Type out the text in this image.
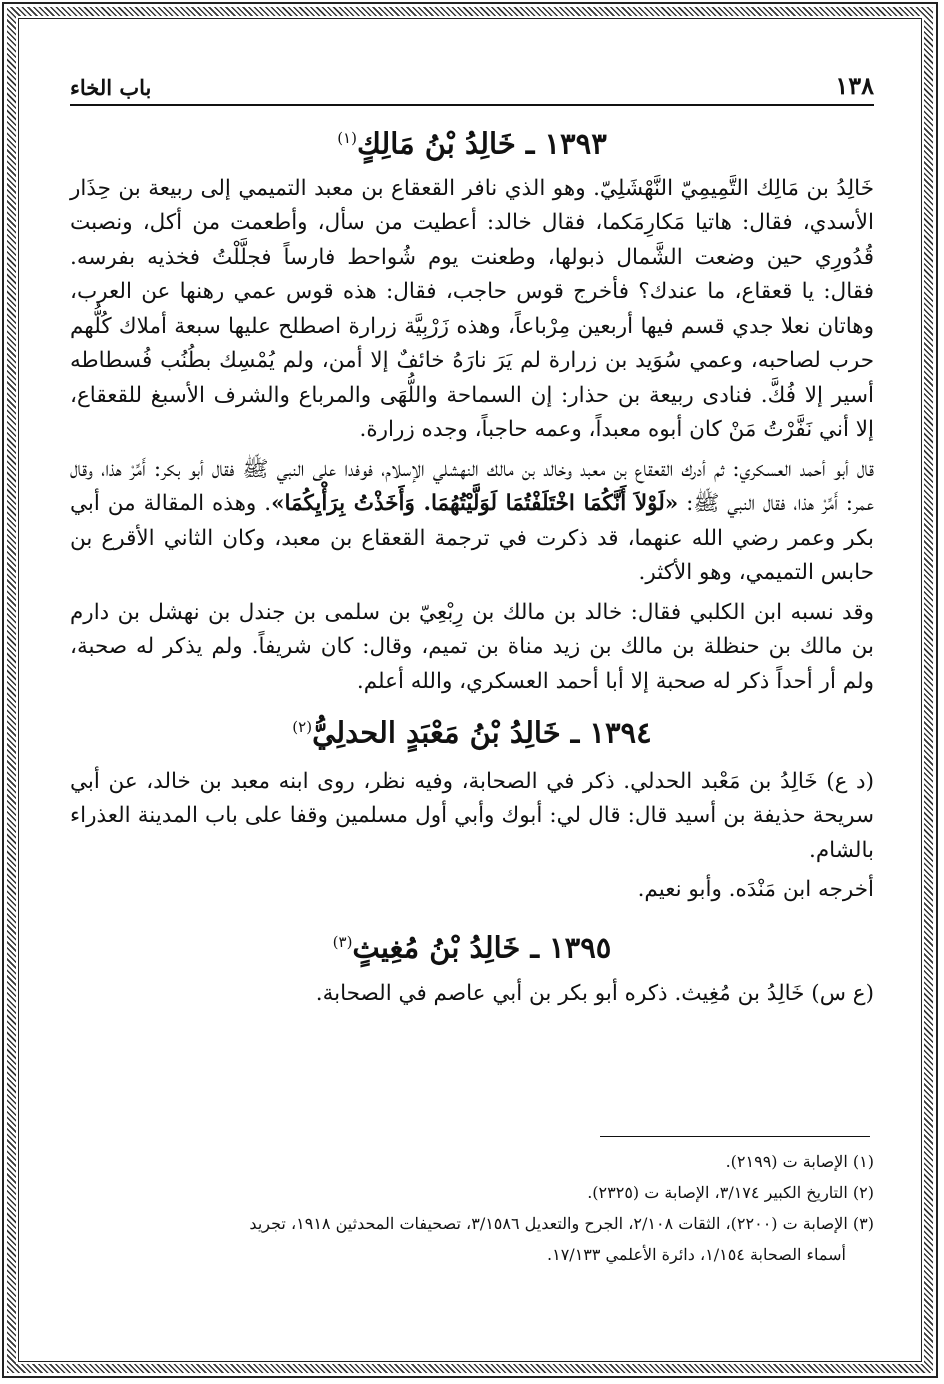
١٣٨
باب الخاء
١٣٩٣ ـ خَالِدُ بْنُ مَالِكٍ$^{(١)}$

خَالِدُ بن مَالِك التَّمِيمِيّ النَّهْشَلِيّ. وهو الذي نافر القعقاع بن معبد التميمي إلى ربيعة بن حِذَار الأسدي، فقال: هاتيا مَكارِمَكما، فقال خالد: أعطيت من سأل، وأطعمت من أكل، ونصبت قُدُورِي حين وضعت الشَّمال ذبولها، وطعنت يوم شُواحط فارساً فجلَّلْتُ فخذيه بفرسه. فقال: يا قعقاع، ما عندك؟ فأخرج قوس حاجب، فقال: هذه قوس عمي رهنها عن العرب، وهاتان نعلا جدي قسم فيها أربعين مِرْباعاً، وهذه زَرْبِيَّة زرارة اصطلح عليها سبعة أملاك كُلُّهم حرب لصاحبه، وعمي سُوَيد بن زرارة لم يَرَ نارَهُ خائفٌ إلا أمن، ولم يُمْسِك بطُنُب فُسطاطه أسير إلا فُكَّ. فنادى ربيعة بن حذار: إن السماحة واللُّهَى والمرباع والشرف الأسبغ للقعقاع، إلا أني نَفَّرْتُ مَنْ كان أبوه معبداً، وعمه حاجباً، وجده زرارة.

قال أبو أحمد العسكري: ثم أدرك القعقاع بن معبد وخالد بن مالك النهشلي الإسلام، فوفدا على النبي ﷺ فقال أبو بكر: أَمِّرْ هذا، وقال عمر: أَمِّرْ هذا، فقال النبي ﷺ: «لَوْلاَ أَنَّكُمَا اخْتَلَفْتُمَا لَوَلَّيْتُهُمَا. وَأَخَذْتُ بِرَأْيِكُمَا». وهذه المقالة من أبي بكر وعمر رضي الله عنهما، قد ذكرت في ترجمة القعقاع بن معبد، وكان الثاني الأقرع بن حابس التميمي، وهو الأكثر.

وقد نسبه ابن الكلبي فقال: خالد بن مالك بن رِبْعِيّ بن سلمى بن جندل بن نهشل بن دارم بن مالك بن حنظلة بن مالك بن زيد مناة بن تميم، وقال: كان شريفاً. ولم يذكر له صحبة، ولم أر أحداً ذكر له صحبة إلا أبا أحمد العسكري، والله أعلم.

١٣٩٤ ـ خَالِدُ بْنُ مَعْبَدٍ الحدلِيُّ$^{(٢)}$

(د ع) خَالِدُ بن مَعْبد الحدلي. ذكر في الصحابة، وفيه نظر، روى ابنه معبد بن خالد، عن أبي سريحة حذيفة بن أسيد قال: قال لي: أبوك وأبي أول مسلمين وقفا على باب المدينة العذراء بالشام.

أخرجه ابن مَنْدَه. وأبو نعيم.

١٣٩٥ ـ خَالِدُ بْنُ مُغِيثٍ$^{(٣)}$

(ع س) خَالِدُ بن مُغِيث. ذكره أبو بكر بن أبي عاصم في الصحابة.

(١) الإصابة ت (٢١٩٩).
(٢) التاريخ الكبير ٣/١٧٤، الإصابة ت (٢٣٢٥).
(٣) الإصابة ت (٢٢٠٠)، الثقات ٢/١٠٨، الجرح والتعديل ٣/١٥٨٦، تصحيفات المحدثين ١٩١٨، تجريد
أسماء الصحابة ١/١٥٤، دائرة الأعلمي ١٧/١٣٣.
